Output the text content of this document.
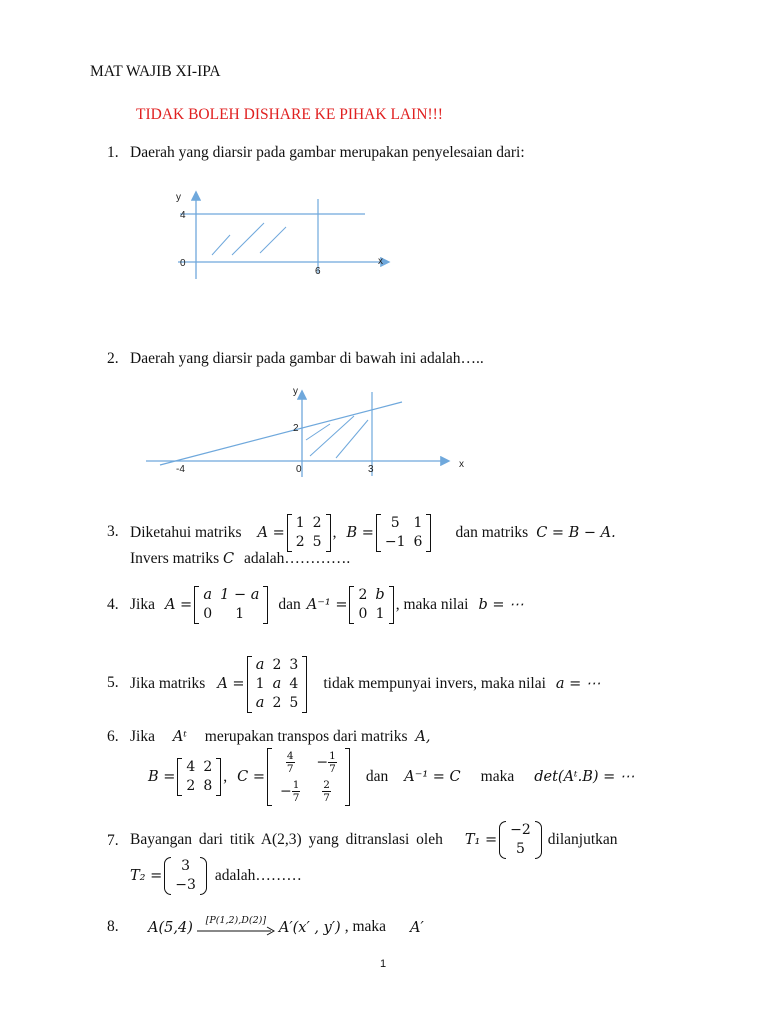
MAT WAJIB XI-IPA
TIDAK BOLEH DISHARE KE PIHAK LAIN!!!
1. Daerah yang diarsir pada gambar merupakan penyelesaian dari:
y
4
0
6
x
2. Daerah yang diarsir pada gambar di bawah ini adalah…..
y
2
-4	0	3	x
3. Diketahui matriks A =
1	2
2	5
, B =
5	1
−1	6
dan matriks C = B − A.
Invers matriks C adalah………….
4. Jika A =
a	1 − a
0	1
dan A⁻¹ =
2	b
0	1
, maka nilai b = ⋯
5. Jika matriks A =
a	2	3
1	a	4
a	2	5
tidak mempunyai invers, maka nilai a = ⋯
6. Jika Aᵗ merupakan transpos dari matriks A,
B =
4	2
2	8
, C =
$\frac{4}{7}$	− $\frac{1}{7}$

− $\frac{1}{7}$	$\frac{2}{7}$
dan A⁻¹ = C maka det(Aᵗ.B) = ⋯
7. Bayangan dari titik A(2,3) yang ditranslasi oleh T₁ =
−2
5
dilanjutkan
T₂ =
3
−3
adalah………
8. A(5,4) [P(1,2),D(2)] A′(x′ , y′) , maka A′
1
